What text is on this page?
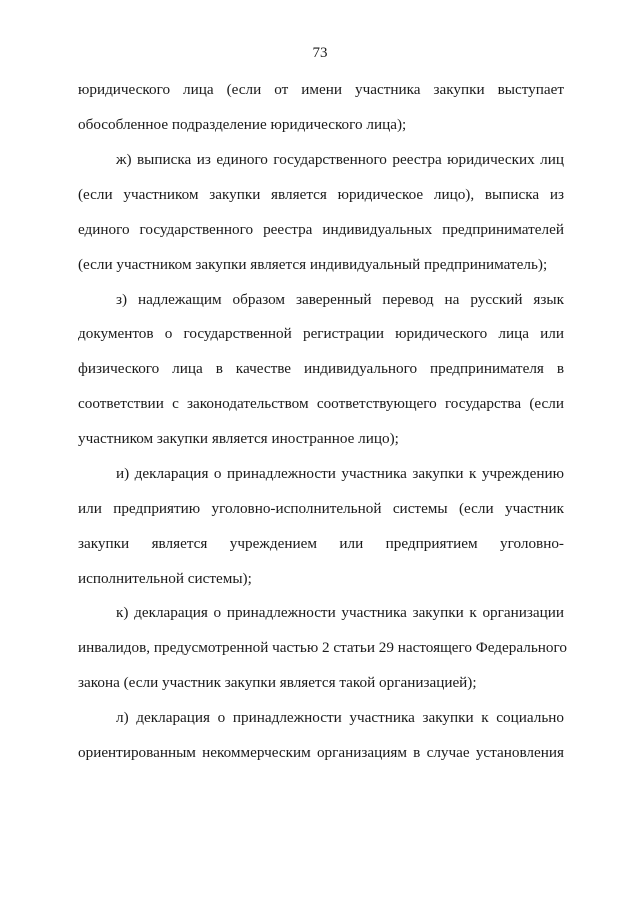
73
юридического лица (если от имени участника закупки выступает
обособленное подразделение юридического лица);
ж) выписка из единого государственного реестра юридических лиц
(если участником закупки является юридическое лицо), выписка из
единого государственного реестра индивидуальных предпринимателей
(если участником закупки является индивидуальный предприниматель);
з) надлежащим образом заверенный перевод на русский язык
документов о государственной регистрации юридического лица или
физического лица в качестве индивидуального предпринимателя в
соответствии с законодательством соответствующего государства (если
участником закупки является иностранное лицо);
и) декларация о принадлежности участника закупки к учреждению
или предприятию уголовно-исполнительной системы (если участник
закупки является учреждением или предприятием уголовно-
исполнительной системы);
к) декларация о принадлежности участника закупки к организации
инвалидов, предусмотренной частью 2 статьи 29 настоящего Федерального
закона (если участник закупки является такой организацией);
л) декларация о принадлежности участника закупки к социально
ориентированным некоммерческим организациям в случае установления
